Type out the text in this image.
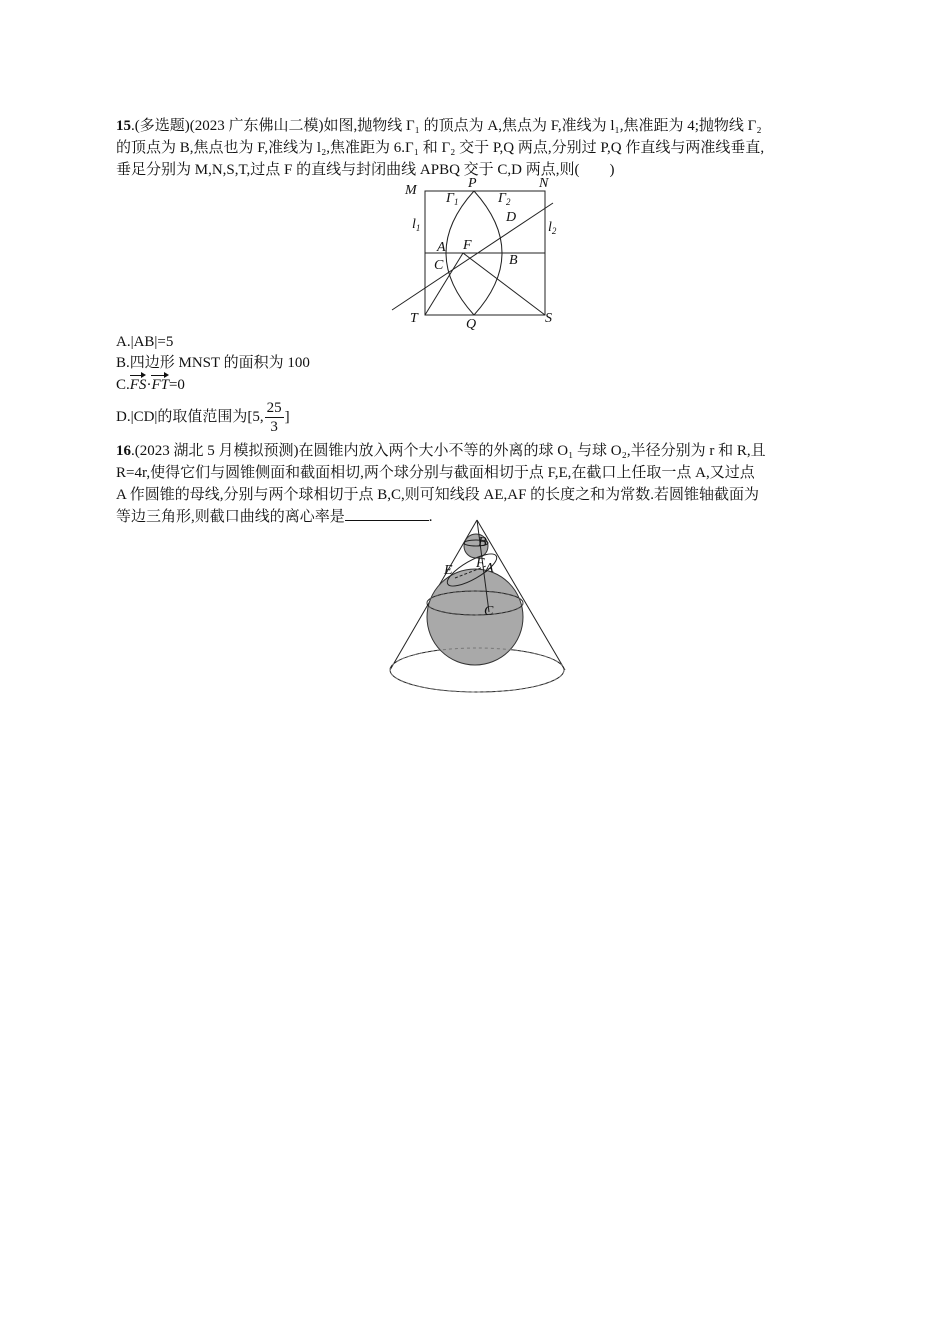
15.(多选题)(2023 广东佛山二模)如图,抛物线 Γ₁ 的顶点为 A,焦点为 F,准线为 l₁,焦准距为 4;抛物线 Γ₂
的顶点为 B,焦点也为 F,准线为 l₂,焦准距为 6.Γ₁ 和 Γ₂ 交于 P,Q 两点,分别过 P,Q 作直线与两准线垂直,
垂足分别为 M,N,S,T,过点 F 的直线与封闭曲线 APBQ 交于 C,D 两点,则(　　)
M	P	N
$\Gamma_1$	$\Gamma_2$
D
$l_1$	$l_2$
A F
C	B
T	Q	S
A.|AB|=5
B.四边形 MNST 的面积为 100
C.FS·FT=0
D.|CD|的取值范围为[5, $\frac{25}{3}$ ]
16.(2023 湖北 5 月模拟预测)在圆锥内放入两个大小不等的外离的球 O₁ 与球 O₂,半径分别为 r 和 R,且
R=4r,使得它们与圆锥侧面和截面相切,两个球分别与截面相切于点 F,E,在截口上任取一点 A,又过点
A 作圆锥的母线,分别与两个球相切于点 B,C,则可知线段 AE,AF 的长度之和为常数.若圆锥轴截面为
等边三角形,则截口曲线的离心率是	.
B
E F A
C
